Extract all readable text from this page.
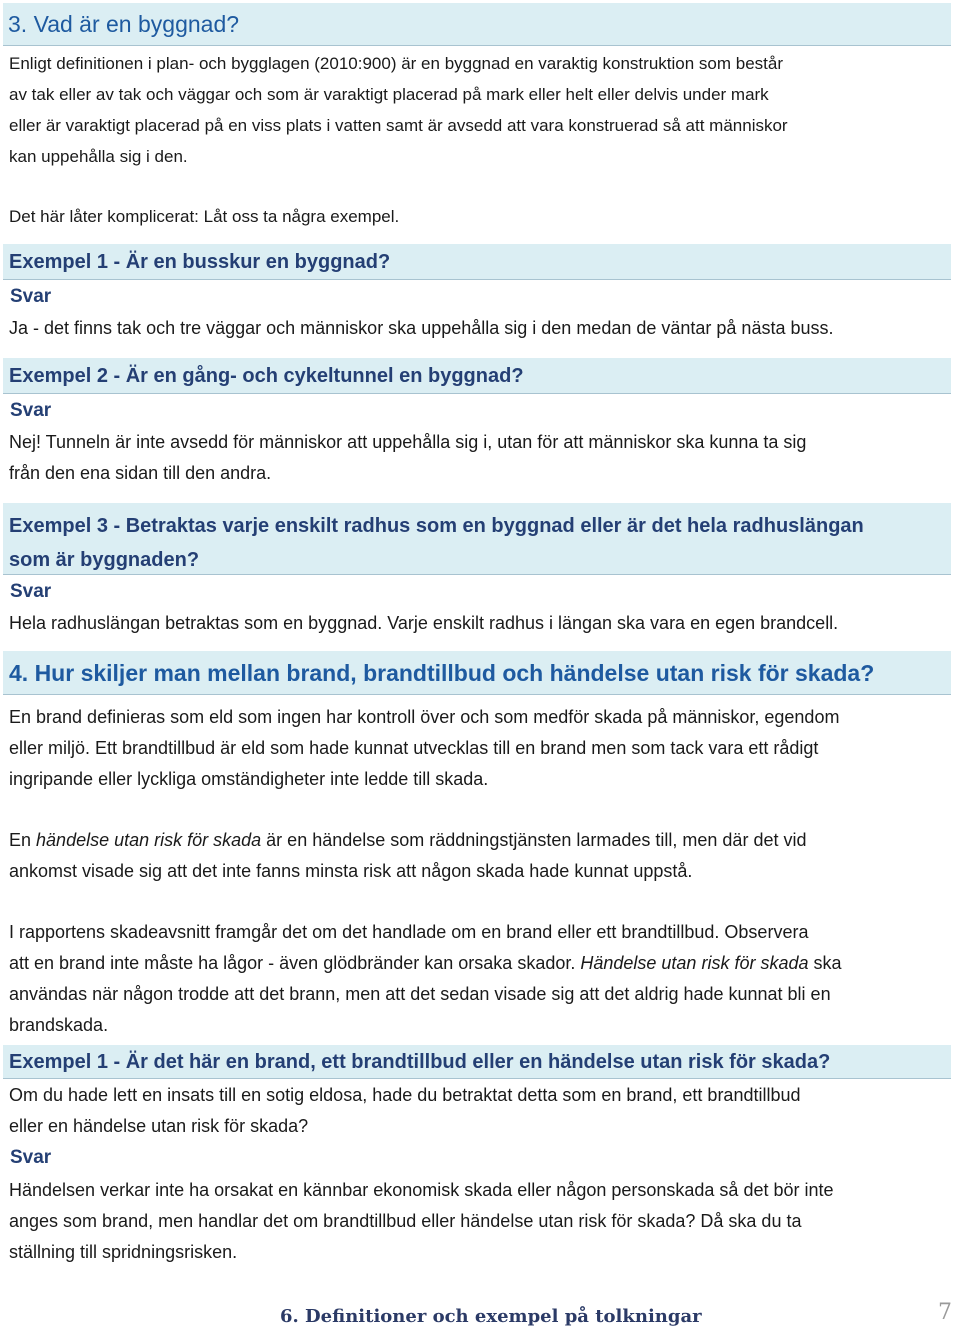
3. Vad är en byggnad?
Enligt definitionen i plan- och bygglagen (2010:900) är en byggnad en varaktig konstruktion som består
av tak eller av tak och väggar och som är varaktigt placerad på mark eller helt eller delvis under mark
eller är varaktigt placerad på en viss plats i vatten samt är avsedd att vara konstruerad så att människor
kan uppehålla sig i den.
Det här låter komplicerat: Låt oss ta några exempel.
Exempel 1 - Är en busskur en byggnad?
Svar
Ja - det finns tak och tre väggar och människor ska uppehålla sig i den medan de väntar på nästa buss.
Exempel 2 - Är en gång- och cykeltunnel en byggnad?
Svar
Nej! Tunneln är inte avsedd för människor att uppehålla sig i, utan för att människor ska kunna ta sig
från den ena sidan till den andra.
Exempel 3 - Betraktas varje enskilt radhus som en byggnad eller är det hela radhuslängan
som är byggnaden?
Svar
Hela radhuslängan betraktas som en byggnad. Varje enskilt radhus i längan ska vara en egen brandcell.
4. Hur skiljer man mellan brand, brandtillbud och händelse utan risk för skada?
En brand definieras som eld som ingen har kontroll över och som medför skada på människor, egendom
eller miljö. Ett brandtillbud är eld som hade kunnat utvecklas till en brand men som tack vara ett rådigt
ingripande eller lyckliga omständigheter inte ledde till skada.
En händelse utan risk för skada är en händelse som räddningstjänsten larmades till, men där det vid
ankomst visade sig att det inte fanns minsta risk att någon skada hade kunnat uppstå.
I rapportens skadeavsnitt framgår det om det handlade om en brand eller ett brandtillbud. Observera
att en brand inte måste ha lågor - även glödbränder kan orsaka skador. Händelse utan risk för skada ska
användas när någon trodde att det brann, men att det sedan visade sig att det aldrig hade kunnat bli en
brandskada.
Exempel 1 - Är det här en brand, ett brandtillbud eller en händelse utan risk för skada?
Om du hade lett en insats till en sotig eldosa, hade du betraktat detta som en brand, ett brandtillbud
eller en händelse utan risk för skada?
Svar
Händelsen verkar inte ha orsakat en kännbar ekonomisk skada eller någon personskada så det bör inte
anges som brand, men handlar det om brandtillbud eller händelse utan risk för skada? Då ska du ta
ställning till spridningsrisken.
6. Definitioner och exempel på tolkningar	7
